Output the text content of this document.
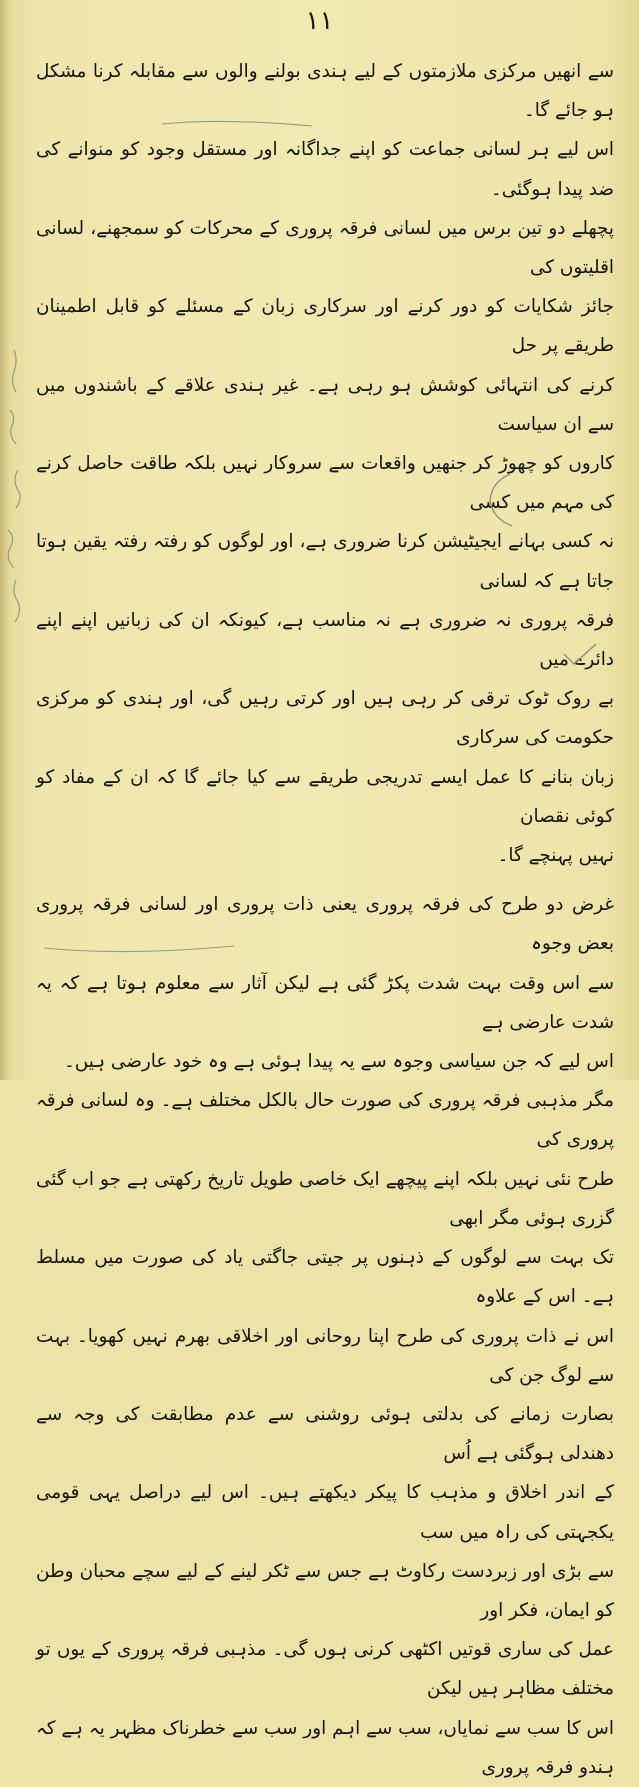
١١

سے انھیں مرکزی ملازمتوں کے لیے ہندی بولنے والوں سے مقابلہ کرنا مشکل ہو جائے گا۔

اس لیے ہر لسانی جماعت کو اپنے جداگانہ اور مستقل وجود کو منوانے کی ضد پیدا ہوگئی۔

پچھلے دو تین برس میں لسانی فرقہ پروری کے محرکات کو سمجھنے، لسانی اقلیتوں کی

جائز شکایات کو دور کرنے اور سرکاری زبان کے مسئلے کو قابل اطمینان طریقے پر حل

کرنے کی انتہائی کوشش ہو رہی ہے۔ غیر ہندی علاقے کے باشندوں میں سے ان سیاست

کاروں کو چھوڑ کر جنھیں واقعات سے سروکار نہیں بلکہ طاقت حاصل کرنے کی مہم میں کسی

نہ کسی بہانے ایجیٹیشن کرنا ضروری ہے، اور لوگوں کو رفتہ رفتہ یقین ہوتا جاتا ہے کہ لسانی

فرقہ پروری نہ ضروری ہے نہ مناسب ہے، کیونکہ ان کی زبانیں اپنے اپنے دائرے میں

بے روک ٹوک ترقی کر رہی ہیں اور کرتی رہیں گی، اور ہندی کو مرکزی حکومت کی سرکاری

زبان بنانے کا عمل ایسے تدریجی طریقے سے کیا جائے گا کہ ان کے مفاد کو کوئی نقصان

نہیں پہنچے گا۔

غرض دو طرح کی فرقہ پروری یعنی ذات پروری اور لسانی فرقہ پروری بعض وجوہ

سے اس وقت بہت شدت پکڑ گئی ہے لیکن آثار سے معلوم ہوتا ہے کہ یہ شدت عارضی ہے

اس لیے کہ جن سیاسی وجوہ سے یہ پیدا ہوئی ہے وہ خود عارضی ہیں۔

مگر مذہبی فرقہ پروری کی صورت حال بالکل مختلف ہے۔ وہ لسانی فرقہ پروری کی

طرح نئی نہیں بلکہ اپنے پیچھے ایک خاصی طویل تاریخ رکھتی ہے جو اب گئی گزری ہوئی مگر ابھی

تک بہت سے لوگوں کے ذہنوں پر جیتی جاگتی یاد کی صورت میں مسلط ہے۔ اس کے علاوہ

اس نے ذات پروری کی طرح اپنا روحانی اور اخلاقی بھرم نہیں کھویا۔ بہت سے لوگ جن کی

بصارت زمانے کی بدلتی ہوئی روشنی سے عدم مطابقت کی وجہ سے دھندلی ہوگئی ہے اُس

کے اندر اخلاق و مذہب کا پیکر دیکھتے ہیں۔ اس لیے دراصل یہی قومی یکجہتی کی راہ میں سب

سے بڑی اور زبردست رکاوٹ ہے جس سے ٹکر لینے کے لیے سچے محبان وطن کو ایمان، فکر اور

عمل کی ساری قوتیں اکٹھی کرنی ہوں گی۔ مذہبی فرقہ پروری کے یوں تو مختلف مظاہر ہیں لیکن

اس کا سب سے نمایاں، سب سے اہم اور سب سے خطرناک مظہر یہ ہے کہ ہندو فرقہ پروری
